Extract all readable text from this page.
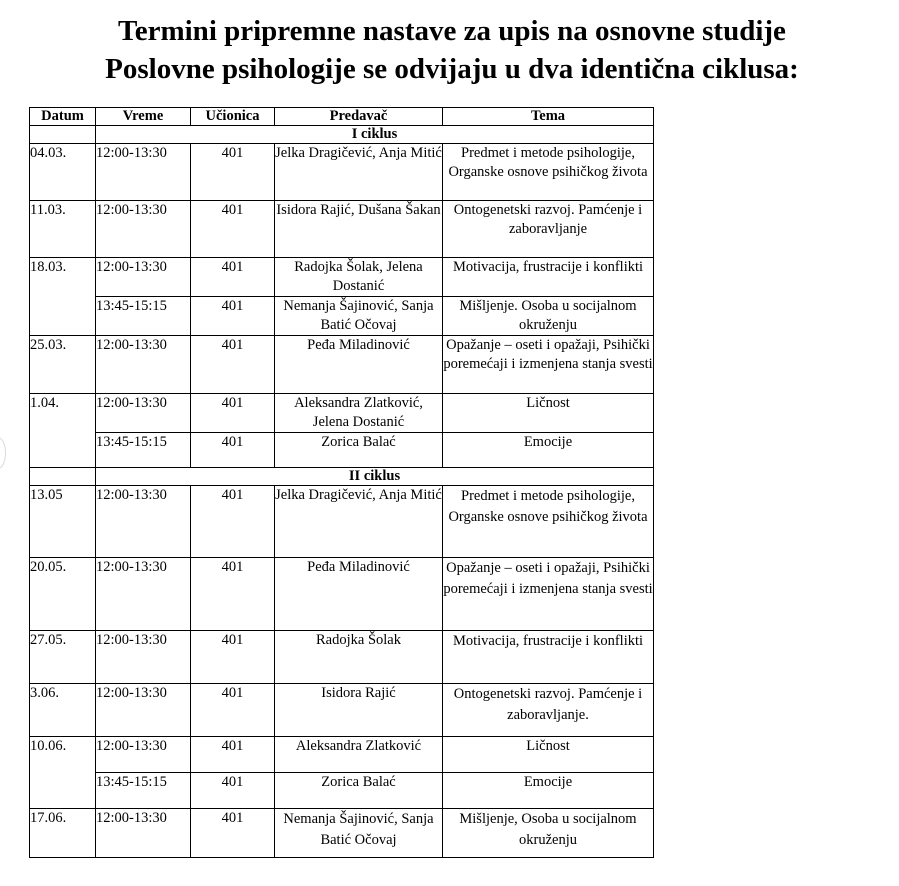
Termini pripremne nastave za upis na osnovne studije
Poslovne psihologije se odvijaju u dva identična ciklusa:
Datum	Vreme	Učionica	Predavač	Tema
	I ciklus			
04.03.	12:00-13:30	401	Jelka Dragičević, Anja Mitić	Predmet i metode psihologije, Organske osnove psihičkog života
11.03.	12:00-13:30	401	Isidora Rajić, Dušana Šakan	Ontogenetski razvoj. Pamćenje i zaboravljanje
18.03.	12:00-13:30	401	Radojka Šolak, Jelena Dostanić	Motivacija, frustracije i konflikti
	13:45-15:15	401	Nemanja Šajinović, Sanja Batić Očovaj	Mišljenje. Osoba u socijalnom okruženju
25.03.	12:00-13:30	401	Peđa Miladinović	Opažanje – oseti i opažaji, Psihički poremećaji i izmenjena stanja svesti
1.04.	12:00-13:30	401	Aleksandra Zlatković, Jelena Dostanić	Ličnost
	13:45-15:15	401	Zorica Balać	Emocije
	II ciklus			
13.05	12:00-13:30	401	Jelka Dragičević, Anja Mitić	Predmet i metode psihologije, Organske osnove psihičkog života
20.05.	12:00-13:30	401	Peđa Miladinović	Opažanje – oseti i opažaji, Psihički poremećaji i izmenjena stanja svesti
27.05.	12:00-13:30	401	Radojka Šolak	Motivacija, frustracije i konflikti
3.06.	12:00-13:30	401	Isidora Rajić	Ontogenetski razvoj. Pamćenje i zaboravljanje.
10.06.	12:00-13:30	401	Aleksandra Zlatković	Ličnost
	13:45-15:15	401	Zorica Balać	Emocije
17.06.	12:00-13:30	401	Nemanja Šajinović, Sanja Batić Očovaj	Mišljenje, Osoba u socijalnom okruženju
